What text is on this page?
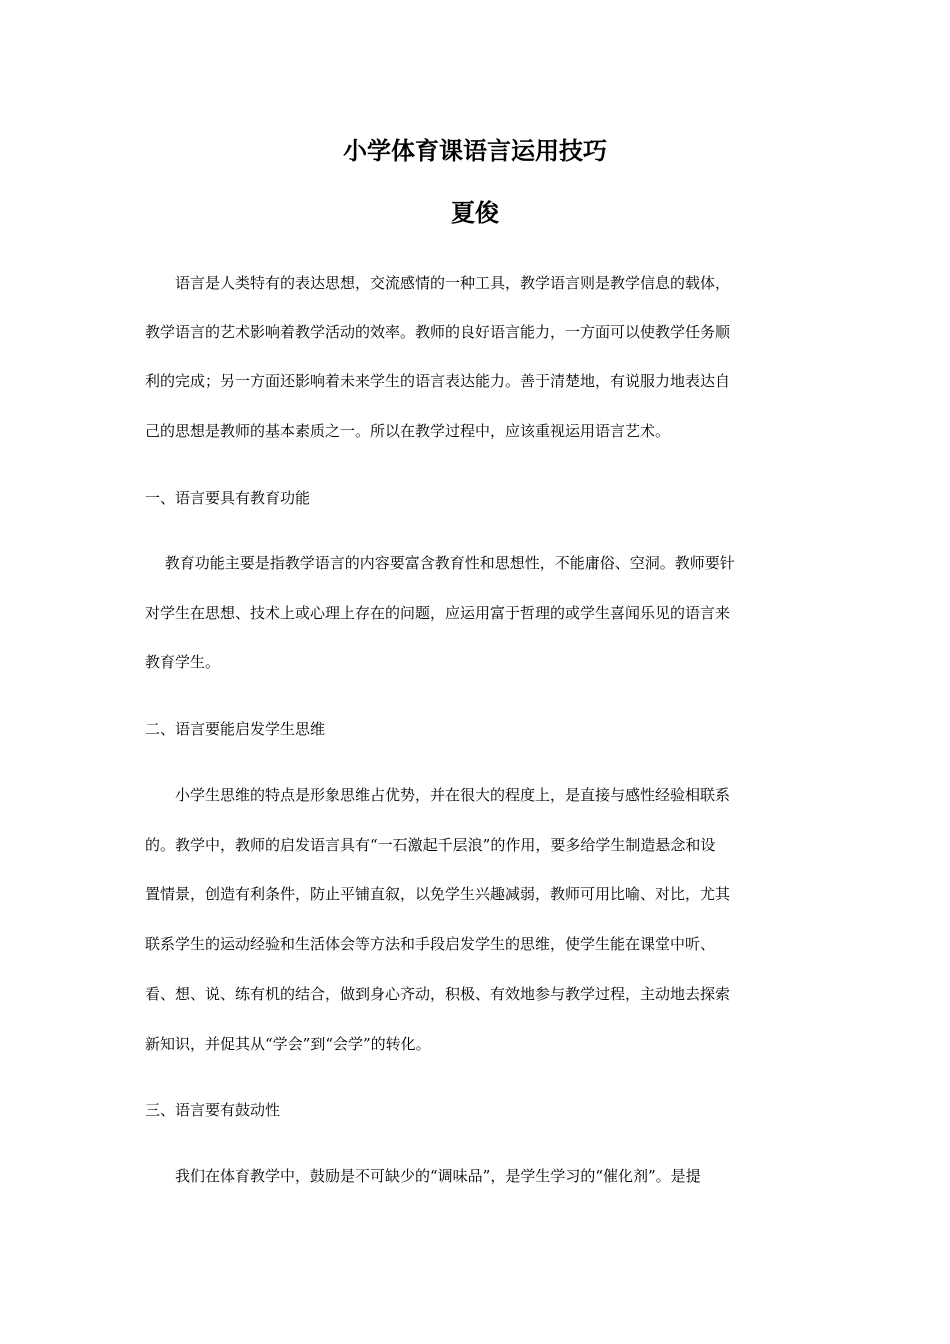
小学体育课语言运用技巧
夏俊
　　语言是人类特有的表达思想，交流感情的一种工具，教学语言则是教学信息的载体，
教学语言的艺术影响着教学活动的效率。教师的良好语言能力，一方面可以使教学任务顺
利的完成；另一方面还影响着未来学生的语言表达能力。善于清楚地，有说服力地表达自
己的思想是教师的基本素质之一。所以在教学过程中，应该重视运用语言艺术。
一、语言要具有教育功能
　 教育功能主要是指教学语言的内容要富含教育性和思想性，不能庸俗、空洞。教师要针
对学生在思想、技术上或心理上存在的问题，应运用富于哲理的或学生喜闻乐见的语言来
教育学生。
二、语言要能启发学生思维
　　小学生思维的特点是形象思维占优势，并在很大的程度上，是直接与感性经验相联系
的。教学中，教师的启发语言具有“一石激起千层浪”的作用，要多给学生制造悬念和设
置情景，创造有利条件，防止平铺直叙，以免学生兴趣减弱，教师可用比喻、对比，尤其
联系学生的运动经验和生活体会等方法和手段启发学生的思维，使学生能在课堂中听、
看、想、说、练有机的结合，做到身心齐动，积极、有效地参与教学过程，主动地去探索
新知识，并促其从“学会”到“会学”的转化。
三、语言要有鼓动性
　　我们在体育教学中，鼓励是不可缺少的“调味品”，是学生学习的“催化剂”。是提
